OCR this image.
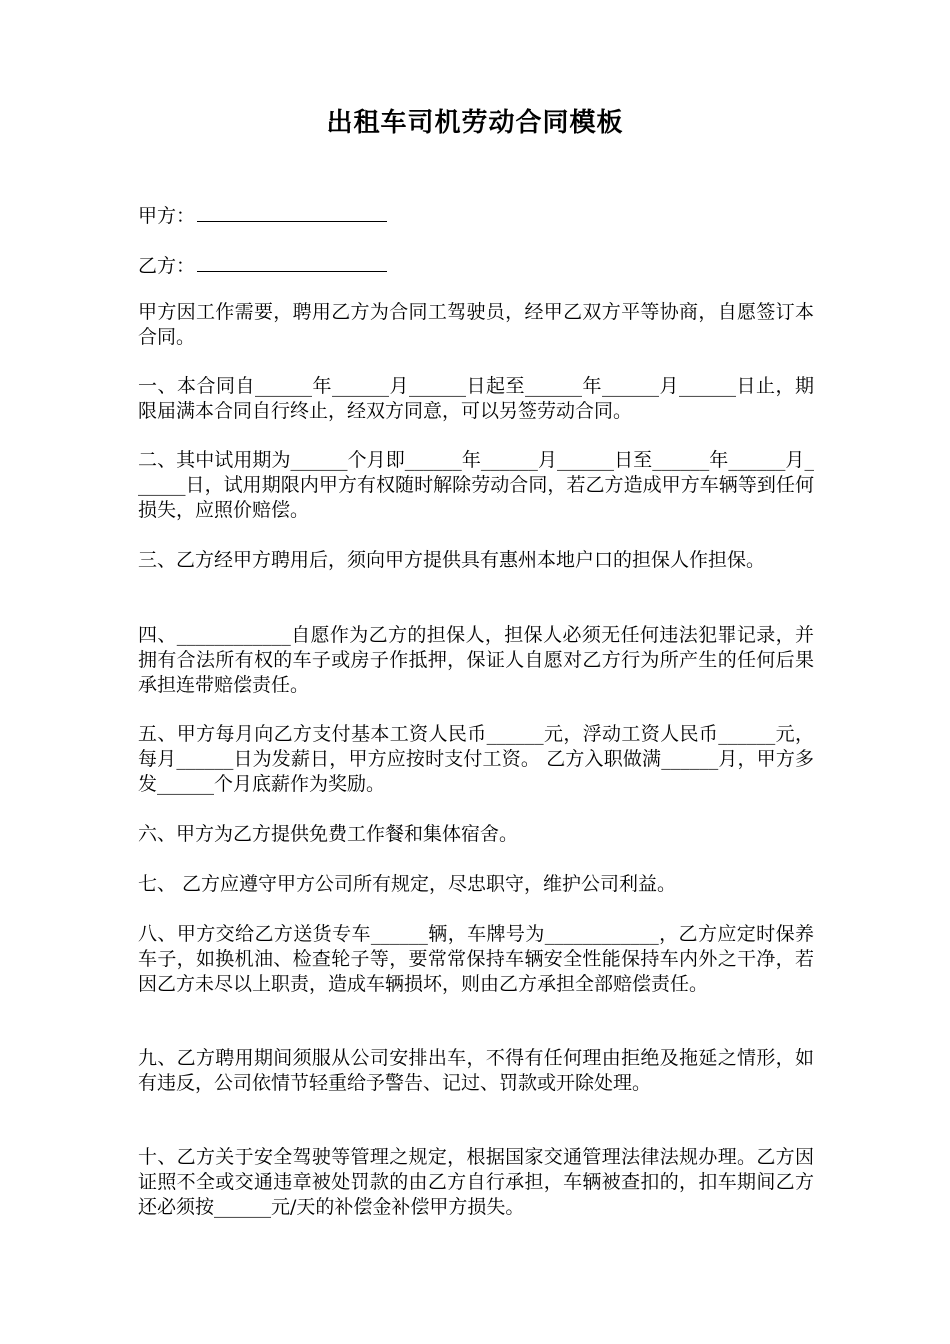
出租车司机劳动合同模板
甲方：
乙方：
甲方因工作需要，聘用乙方为合同工驾驶员，经甲乙双方平等协商，自愿签订本合同。
一、本合同自______年______月______日起至______年______月______日止，期限届满本合同自行终止，经双方同意，可以另签劳动合同。
二、其中试用期为______个月即______年______月______日至______年______月______日，试用期限内甲方有权随时解除劳动合同，若乙方造成甲方车辆等到任何损失，应照价赔偿。
三、乙方经甲方聘用后，须向甲方提供具有惠州本地户口的担保人作担保。
四、____________自愿作为乙方的担保人，担保人必须无任何违法犯罪记录，并拥有合法所有权的车子或房子作抵押，保证人自愿对乙方行为所产生的任何后果承担连带赔偿责任。
五、甲方每月向乙方支付基本工资人民币______元，浮动工资人民币______元，每月______日为发薪日，甲方应按时支付工资。 乙方入职做满______月，甲方多发______个月底薪作为奖励。
六、甲方为乙方提供免费工作餐和集体宿舍。
七、 乙方应遵守甲方公司所有规定，尽忠职守，维护公司利益。
八、甲方交给乙方送货专车______辆，车牌号为____________，乙方应定时保养车子，如换机油、检查轮子等，要常常保持车辆安全性能保持车内外之干净，若因乙方未尽以上职责，造成车辆损坏，则由乙方承担全部赔偿责任。
九、乙方聘用期间须服从公司安排出车，不得有任何理由拒绝及拖延之情形，如有违反，公司依情节轻重给予警告、记过、罚款或开除处理。
十、乙方关于安全驾驶等管理之规定，根据国家交通管理法律法规办理。乙方因证照不全或交通违章被处罚款的由乙方自行承担，车辆被查扣的，扣车期间乙方还必须按______元/天的补偿金补偿甲方损失。
